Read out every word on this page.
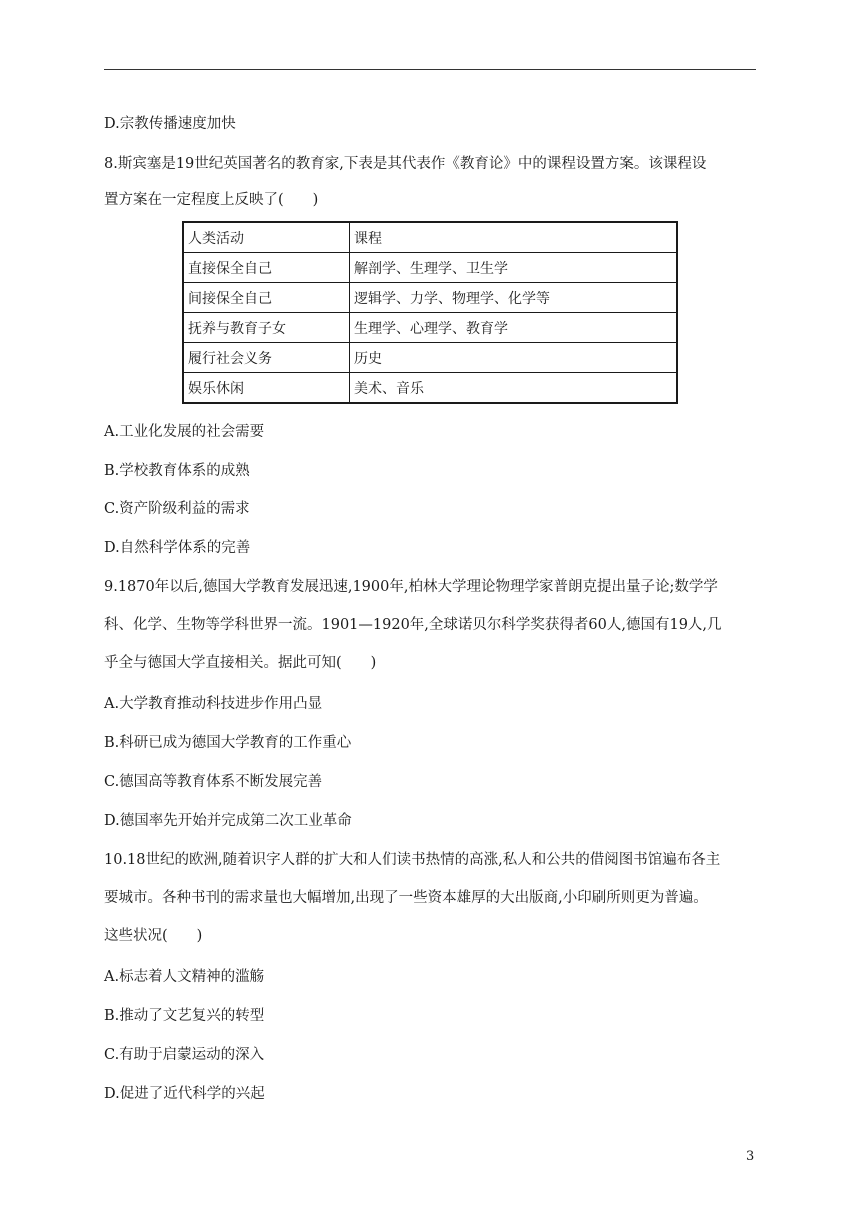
D.宗教传播速度加快
8.斯宾塞是19世纪英国著名的教育家,下表是其代表作《教育论》中的课程设置方案。该课程设
置方案在一定程度上反映了(　　)
人类活动	课程
直接保全自己	解剖学、生理学、卫生学
间接保全自己	逻辑学、力学、物理学、化学等
抚养与教育子女	生理学、心理学、教育学
履行社会义务	历史
娱乐休闲	美术、音乐
A.工业化发展的社会需要
B.学校教育体系的成熟
C.资产阶级利益的需求
D.自然科学体系的完善
9.1870年以后,德国大学教育发展迅速,1900年,柏林大学理论物理学家普朗克提出量子论;数学学
科、化学、生物等学科世界一流。1901—1920年,全球诺贝尔科学奖获得者60人,德国有19人,几
乎全与德国大学直接相关。据此可知(　　)
A.大学教育推动科技进步作用凸显
B.科研已成为德国大学教育的工作重心
C.德国高等教育体系不断发展完善
D.德国率先开始并完成第二次工业革命
10.18世纪的欧洲,随着识字人群的扩大和人们读书热情的高涨,私人和公共的借阅图书馆遍布各主
要城市。各种书刊的需求量也大幅增加,出现了一些资本雄厚的大出版商,小印刷所则更为普遍。
这些状况(　　)
A.标志着人文精神的滥觞
B.推动了文艺复兴的转型
C.有助于启蒙运动的深入
D.促进了近代科学的兴起
3
